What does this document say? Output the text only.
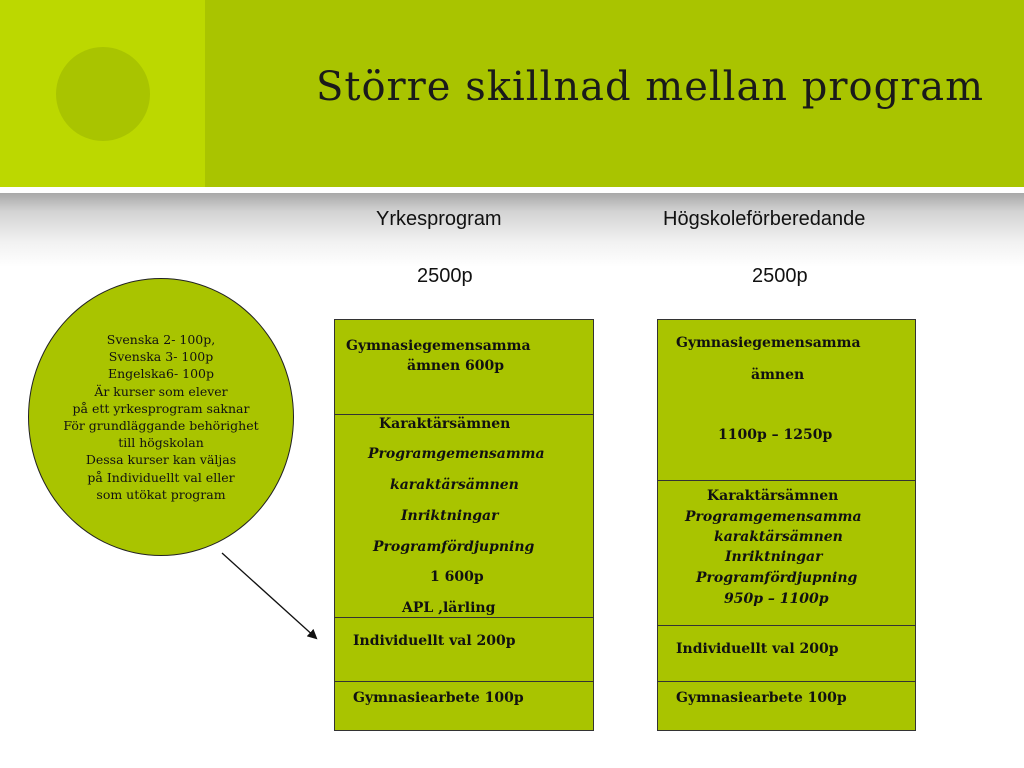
Större skillnad mellan program
Yrkesprogram	Högskoleförberedande
2500p	2500p
Svenska 2- 100p,
Svenska 3- 100p
Engelska6- 100p
Är kurser som elever
på ett yrkesprogram saknar
För grundläggande behörighet
till högskolan
Dessa kurser kan väljas
på Individuellt val eller
som utökat program
Gymnasiegemensamma
ämnen 600p
Karaktärsämnen
Programgemensamma
karaktärsämnen
Inriktningar
Programfördjupning
1 600p
APL ,lärling
Individuellt val 200p
Gymnasiearbete 100p
Gymnasiegemensamma
ämnen
1100p – 1250p
Karaktärsämnen
Programgemensamma
karaktärsämnen
Inriktningar
Programfördjupning
950p – 1100p
Individuellt val 200p
Gymnasiearbete 100p
